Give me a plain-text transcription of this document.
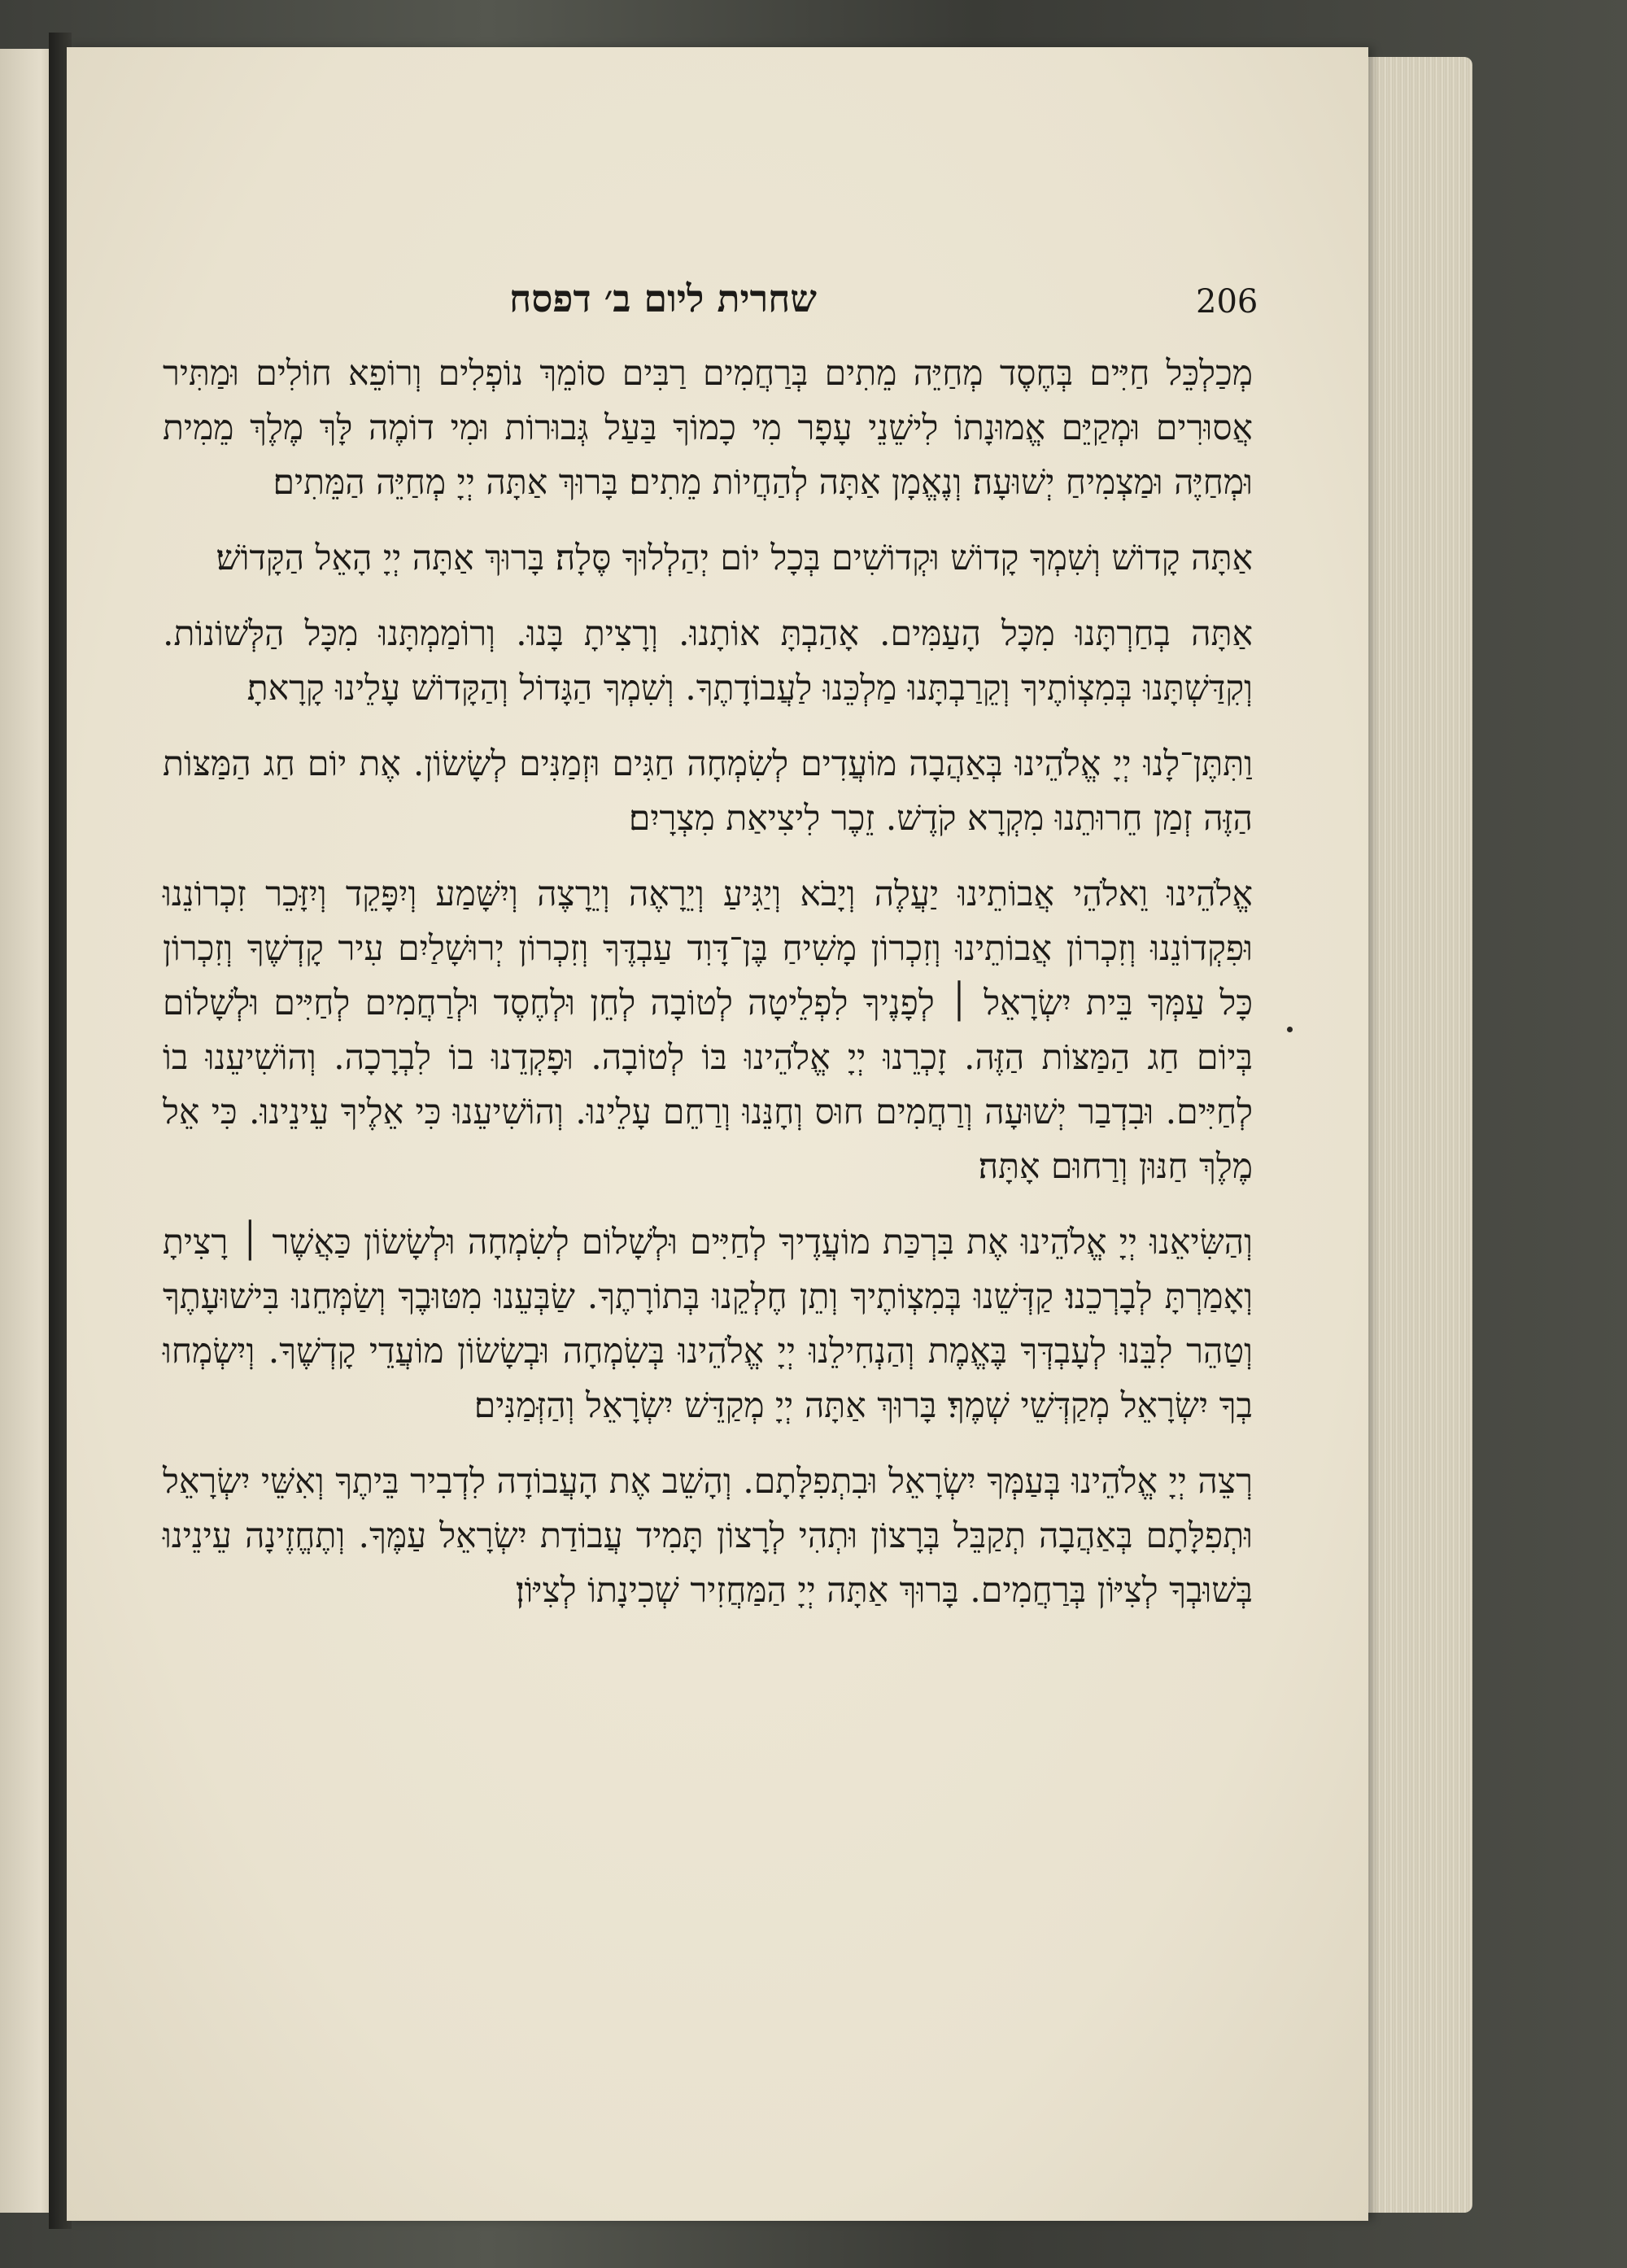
שחרית ליום ב׳ דפסח	206

מְכַלְכֵּל חַיִּים בְּחֶסֶד מְחַיֵּה מֵתִים בְּרַחֲמִים רַבִּים סוֹמֵךְ נוֹפְלִים וְרוֹפֵא חוֹלִים וּמַתִּיר אֲסוּרִים וּמְקַיֵּם אֱמוּנָתוֹ לִישֵׁנֵי עָפָר מִי כָמוֹךָ בַּעַל גְּבוּרוֹת וּמִי דוֹמֶה לָּךְ מֶלֶךְ מֵמִית וּמְחַיֶּה וּמַצְמִיחַ יְשׁוּעָה׃ וְנֶאֱמָן אַתָּה לְהַחֲיוֹת מֵתִים׃ בָּרוּךְ אַתָּה יְיָ מְחַיֵּה הַמֵּתִים׃

אַתָּה קָדוֹשׁ וְשִׁמְךָ קָדוֹשׁ וּקְדוֹשִׁים בְּכָל יוֹם יְהַלְלוּךָ סֶּלָה׃ בָּרוּךְ אַתָּה יְיָ הָאֵל הַקָּדוֹשׁ׃

אַתָּה בְחַרְתָּנוּ מִכָּל הָעַמִּים. אָהַבְתָּ אוֹתָנוּ. וְרָצִיתָ בָּנוּ. וְרוֹמַמְתָּנוּ מִכָּל הַלְּשׁוֹנוֹת. וְקִדַּשְׁתָּנוּ בְּמִצְוֹתֶיךָ וְקֵרַבְתָּנוּ מַלְכֵּנוּ לַעֲבוֹדָתֶךָ. וְשִׁמְךָ הַגָּדוֹל וְהַקָּדוֹשׁ עָלֵינוּ קָרָאתָ׃

וַתִּתֶּן־לָנוּ יְיָ אֱלֹהֵינוּ בְּאַהֲבָה מוֹעֲדִים לְשִׂמְחָה חַגִּים וּזְמַנִּים לְשָׂשׂוֹן. אֶת יוֹם חַג הַמַּצּוֹת הַזֶּה זְמַן חֵרוּתֵנוּ מִקְרָא קֹדֶשׁ. זֵכֶר לִיצִיאַת מִצְרָיִם׃

אֱלֹהֵינוּ וֵאלֹהֵי אֲבוֹתֵינוּ יַעֲלֶה וְיָבֹא וְיַגִּיעַ וְיֵרָאֶה וְיֵרָצֶה וְיִשָּׁמַע וְיִפָּקֵד וְיִזָּכֵר זִכְרוֹנֵנוּ וּפִקְדוֹנֵנוּ וְזִכְרוֹן אֲבוֹתֵינוּ וְזִכְרוֹן מָשִׁיחַ בֶּן־דָּוִד עַבְדֶּךָ וְזִכְרוֹן יְרוּשָׁלַיִם עִיר קָדְשֶׁךָ וְזִכְרוֹן כָּל עַמְּךָ בֵּית יִשְׂרָאֵל ׀ לְפָנֶיךָ לִפְלֵיטָה לְטוֹבָה לְחֵן וּלְחֶסֶד וּלְרַחֲמִים לְחַיִּים וּלְשָׁלוֹם בְּיוֹם חַג הַמַּצּוֹת הַזֶּה. זָכְרֵנוּ יְיָ אֱלֹהֵינוּ בּוֹ לְטוֹבָה. וּפָקְדֵנוּ בוֹ לִבְרָכָה. וְהוֹשִׁיעֵנוּ בוֹ לְחַיִּים. וּבִדְבַר יְשׁוּעָה וְרַחֲמִים חוּס וְחָנֵּנוּ וְרַחֵם עָלֵינוּ. וְהוֹשִׁיעֵנוּ כִּי אֵלֶיךָ עֵינֵינוּ. כִּי אֵל מֶלֶךְ חַנּוּן וְרַחוּם אָתָּה׃

וְהַשִּׂיאֵנוּ יְיָ אֱלֹהֵינוּ אֶת בִּרְכַּת מוֹעֲדֶיךָ לְחַיִּים וּלְשָׁלוֹם לְשִׂמְחָה וּלְשָׂשׂוֹן כַּאֲשֶׁר ׀ רָצִיתָ וְאָמַרְתָּ לְבָרְכֵנוּ׃ קַדְּשֵׁנוּ בְּמִצְוֹתֶיךָ וְתֵן חֶלְקֵנוּ בְּתוֹרָתֶךָ. שַׂבְּעֵנוּ מִטּוּבֶךָ וְשַׂמְּחֵנוּ בִּישׁוּעָתֶךָ וְטַהֵר לִבֵּנוּ לְעָבְדְּךָ בֶּאֱמֶת וְהַנְחִילֵנוּ יְיָ אֱלֹהֵינוּ בְּשִׂמְחָה וּבְשָׂשׂוֹן מוֹעֲדֵי קָדְשֶׁךָ. וְיִשְׂמְחוּ בְךָ יִשְׂרָאֵל מְקַדְּשֵׁי שְׁמֶךָ׃ בָּרוּךְ אַתָּה יְיָ מְקַדֵּשׁ יִשְׂרָאֵל וְהַזְּמַנִּים׃

רְצֵה יְיָ אֱלֹהֵינוּ בְּעַמְּךָ יִשְׂרָאֵל וּבִתְפִלָּתָם. וְהָשֵׁב אֶת הָעֲבוֹדָה לִדְבִיר בֵּיתֶךָ וְאִשֵּׁי יִשְׂרָאֵל וּתְפִלָּתָם בְּאַהֲבָה תְקַבֵּל בְּרָצוֹן וּתְהִי לְרָצוֹן תָּמִיד עֲבוֹדַת יִשְׂרָאֵל עַמֶּךָ. וְתֶחֱזֶינָה עֵינֵינוּ בְּשׁוּבְךָ לְצִיּוֹן בְּרַחֲמִים. בָּרוּךְ אַתָּה יְיָ הַמַּחֲזִיר שְׁכִינָתוֹ לְצִיּוֹן׃
